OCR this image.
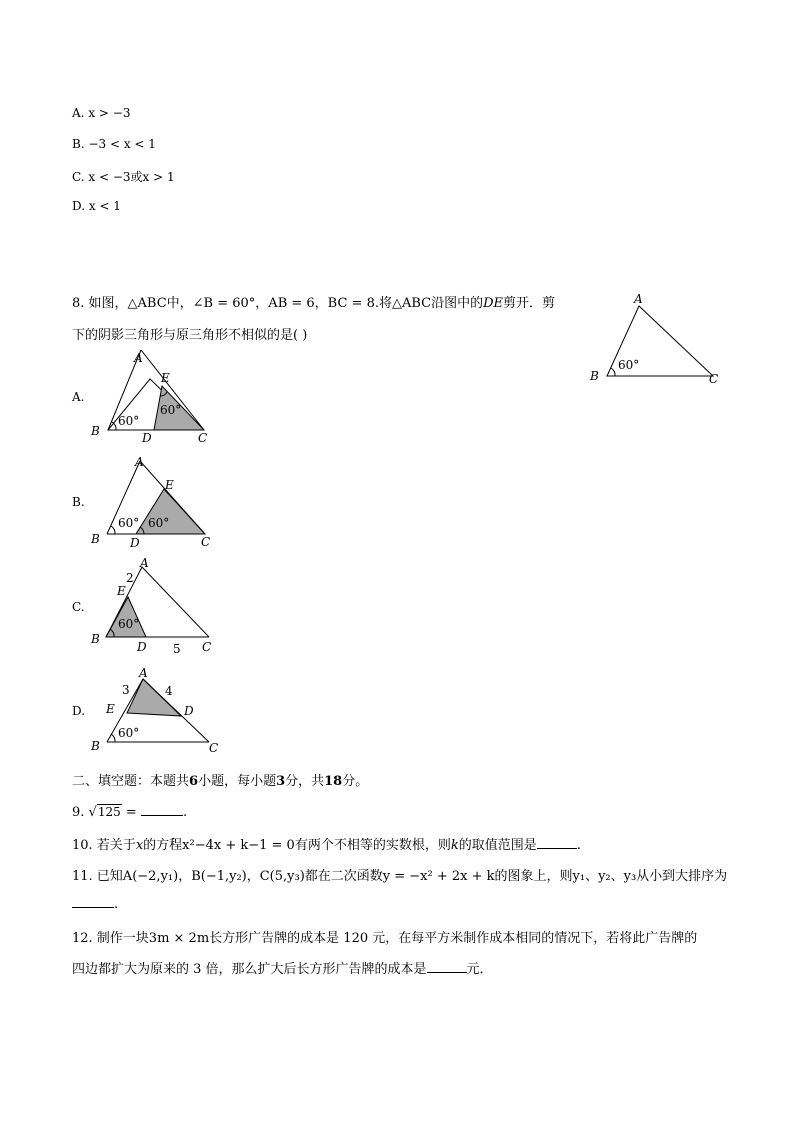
A. x > −3
B. −3 < x < 1
C. x < −3或x > 1
D. x < 1
8. 如图，△ABC中，∠B = 60°，AB = 6，BC = 8.将△ABC沿图中的DE剪开．剪
下的阴影三角形与原三角形不相似的是( )
A
B	C
60°
A.
A
E
B	D	C
60°
60°
B.
A
E
B	D	C
60° 60°
C.
A
2
E
B
D 5 C
60°
D.
A
3	4
E	D
B	C
60°
二、填空题：本题共6小题，每小题3分，共18分。
9. √125 =	.
10. 若关于x的方程x²−4x + k−1 = 0有两个不相等的实数根，则k的取值范围是	.
11. 已知A(−2,y₁)，B(−1,y₂)，C(5,y₃)都在二次函数y = −x² + 2x + k的图象上，则y₁、y₂、y₃从小到大排序为
.
12. 制作一块3m × 2m长方形广告牌的成本是 120 元，在每平方米制作成本相同的情况下，若将此广告牌的
四边都扩大为原来的 3 倍，那么扩大后长方形广告牌的成本是	元．
